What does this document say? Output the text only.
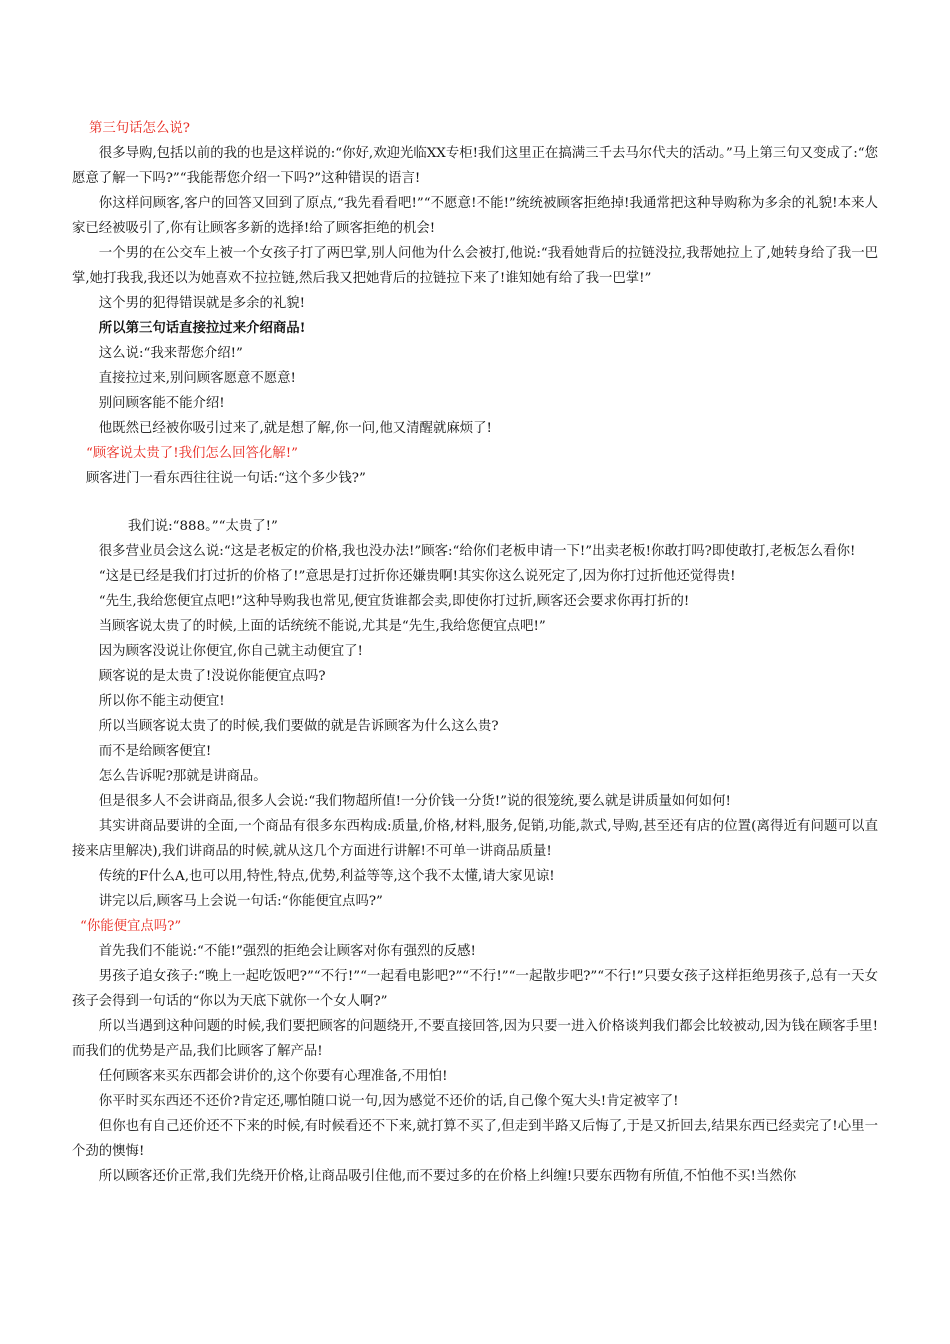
第三句话怎么说?

很多导购,包括以前的我的也是这样说的:“你好,欢迎光临XX专柜!我们这里正在搞满三千去马尔代夫的活动。”马上第三句又变成了:“您愿意了解一下吗?”“我能帮您介绍一下吗?”这种错误的语言!

你这样问顾客,客户的回答又回到了原点,“我先看看吧!”“不愿意!不能!”统统被顾客拒绝掉!我通常把这种导购称为多余的礼貌!本来人家已经被吸引了,你有让顾客多新的选择!给了顾客拒绝的机会!

一个男的在公交车上被一个女孩子打了两巴掌,别人问他为什么会被打,他说:“我看她背后的拉链没拉,我帮她拉上了,她转身给了我一巴掌,她打我我,我还以为她喜欢不拉拉链,然后我又把她背后的拉链拉下来了!谁知她有给了我一巴掌!”

这个男的犯得错误就是多余的礼貌!

所以第三句话直接拉过来介绍商品!

这么说:“我来帮您介绍!”

直接拉过来,别问顾客愿意不愿意!

别问顾客能不能介绍!

他既然已经被你吸引过来了,就是想了解,你一问,他又清醒就麻烦了!

“顾客说太贵了!我们怎么回答化解!”

顾客进门一看东西往往说一句话:“这个多少钱?”

我们说:“888。”“太贵了!”

很多营业员会这么说:“这是老板定的价格,我也没办法!”顾客:“给你们老板申请一下!”出卖老板!你敢打吗?即使敢打,老板怎么看你!

“这是已经是我们打过折的价格了!”意思是打过折你还嫌贵啊!其实你这么说死定了,因为你打过折他还觉得贵!

“先生,我给您便宜点吧!”这种导购我也常见,便宜货谁都会卖,即使你打过折,顾客还会要求你再打折的!

当顾客说太贵了的时候,上面的话统统不能说,尤其是“先生,我给您便宜点吧!”

因为顾客没说让你便宜,你自己就主动便宜了!

顾客说的是太贵了!没说你能便宜点吗?

所以你不能主动便宜!

所以当顾客说太贵了的时候,我们要做的就是告诉顾客为什么这么贵?

而不是给顾客便宜!

怎么告诉呢?那就是讲商品。

但是很多人不会讲商品,很多人会说:“我们物超所值!一分价钱一分货!”说的很笼统,要么就是讲质量如何如何!

其实讲商品要讲的全面,一个商品有很多东西构成:质量,价格,材料,服务,促销,功能,款式,导购,甚至还有店的位置(离得近有问题可以直接来店里解决),我们讲商品的时候,就从这几个方面进行讲解!不可单一讲商品质量!

传统的F什么A,也可以用,特性,特点,优势,利益等等,这个我不太懂,请大家见谅!

讲完以后,顾客马上会说一句话:“你能便宜点吗?”

“你能便宜点吗?”

首先我们不能说:“不能!”强烈的拒绝会让顾客对你有强烈的反感!

男孩子追女孩子:“晚上一起吃饭吧?”“不行!”“一起看电影吧?”“不行!”“一起散步吧?”“不行!”只要女孩子这样拒绝男孩子,总有一天女孩子会得到一句话的“你以为天底下就你一个女人啊?”

所以当遇到这种问题的时候,我们要把顾客的问题绕开,不要直接回答,因为只要一进入价格谈判我们都会比较被动,因为钱在顾客手里!而我们的优势是产品,我们比顾客了解产品!

任何顾客来买东西都会讲价的,这个你要有心理准备,不用怕!

你平时买东西还不还价?肯定还,哪怕随口说一句,因为感觉不还价的话,自己像个冤大头!肯定被宰了!

但你也有自己还价还不下来的时候,有时候看还不下来,就打算不买了,但走到半路又后悔了,于是又折回去,结果东西已经卖完了!心里一个劲的懊悔!

所以顾客还价正常,我们先绕开价格,让商品吸引住他,而不要过多的在价格上纠缠!只要东西物有所值,不怕他不买!当然你
